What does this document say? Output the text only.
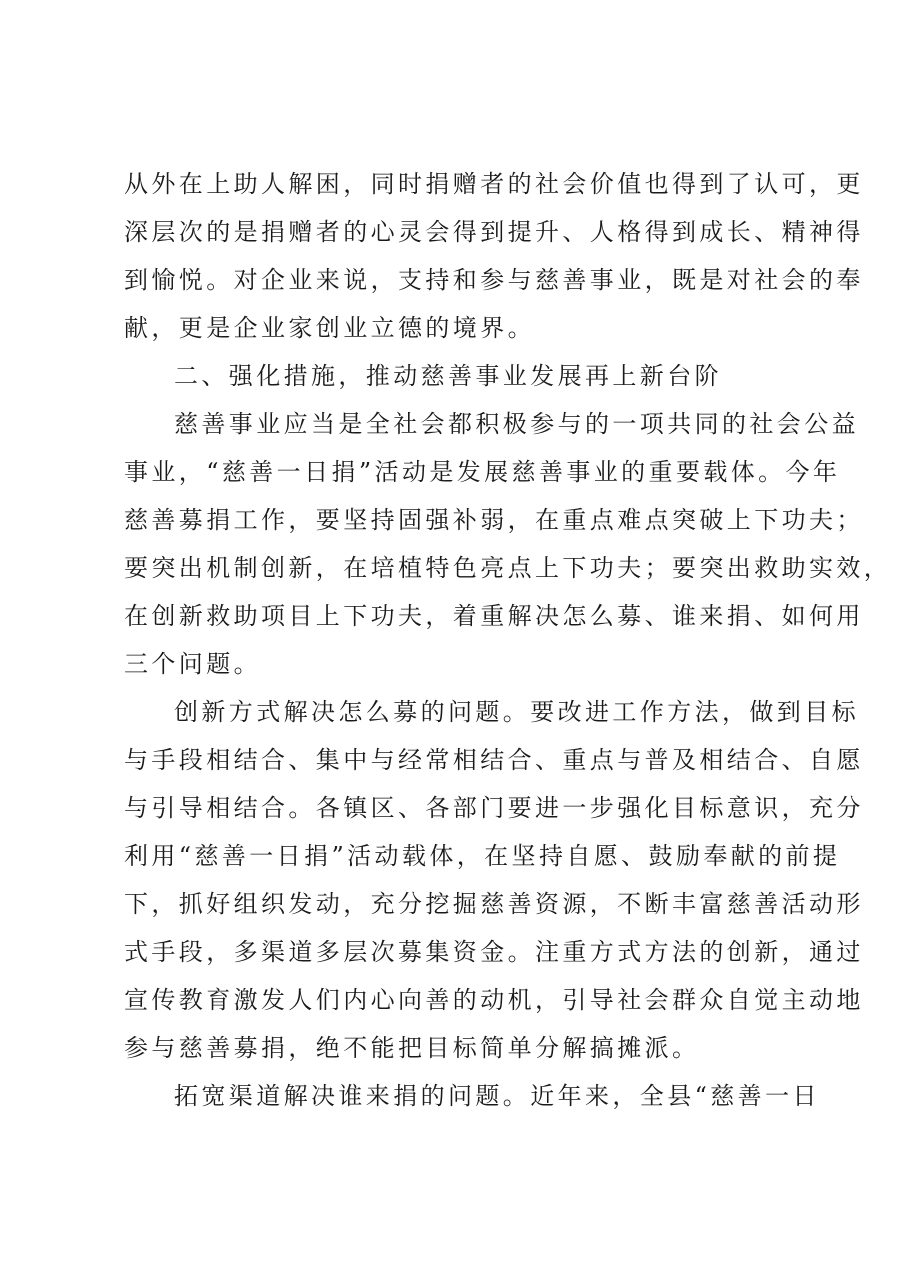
从外在上助人解困，同时捐赠者的社会价值也得到了认可，更
深层次的是捐赠者的心灵会得到提升、人格得到成长、精神得
到愉悦。对企业来说，支持和参与慈善事业，既是对社会的奉
献，更是企业家创业立德的境界。
二、强化措施，推动慈善事业发展再上新台阶
慈善事业应当是全社会都积极参与的一项共同的社会公益
事业，“慈善一日捐”活动是发展慈善事业的重要载体。今年
慈善募捐工作，要坚持固强补弱，在重点难点突破上下功夫；
要突出机制创新，在培植特色亮点上下功夫；要突出救助实效，
在创新救助项目上下功夫，着重解决怎么募、谁来捐、如何用
三个问题。
创新方式解决怎么募的问题。要改进工作方法，做到目标
与手段相结合、集中与经常相结合、重点与普及相结合、自愿
与引导相结合。各镇区、各部门要进一步强化目标意识，充分
利用“慈善一日捐”活动载体，在坚持自愿、鼓励奉献的前提
下，抓好组织发动，充分挖掘慈善资源，不断丰富慈善活动形
式手段，多渠道多层次募集资金。注重方式方法的创新，通过
宣传教育激发人们内心向善的动机，引导社会群众自觉主动地
参与慈善募捐，绝不能把目标简单分解搞摊派。
拓宽渠道解决谁来捐的问题。近年来，全县“慈善一日
